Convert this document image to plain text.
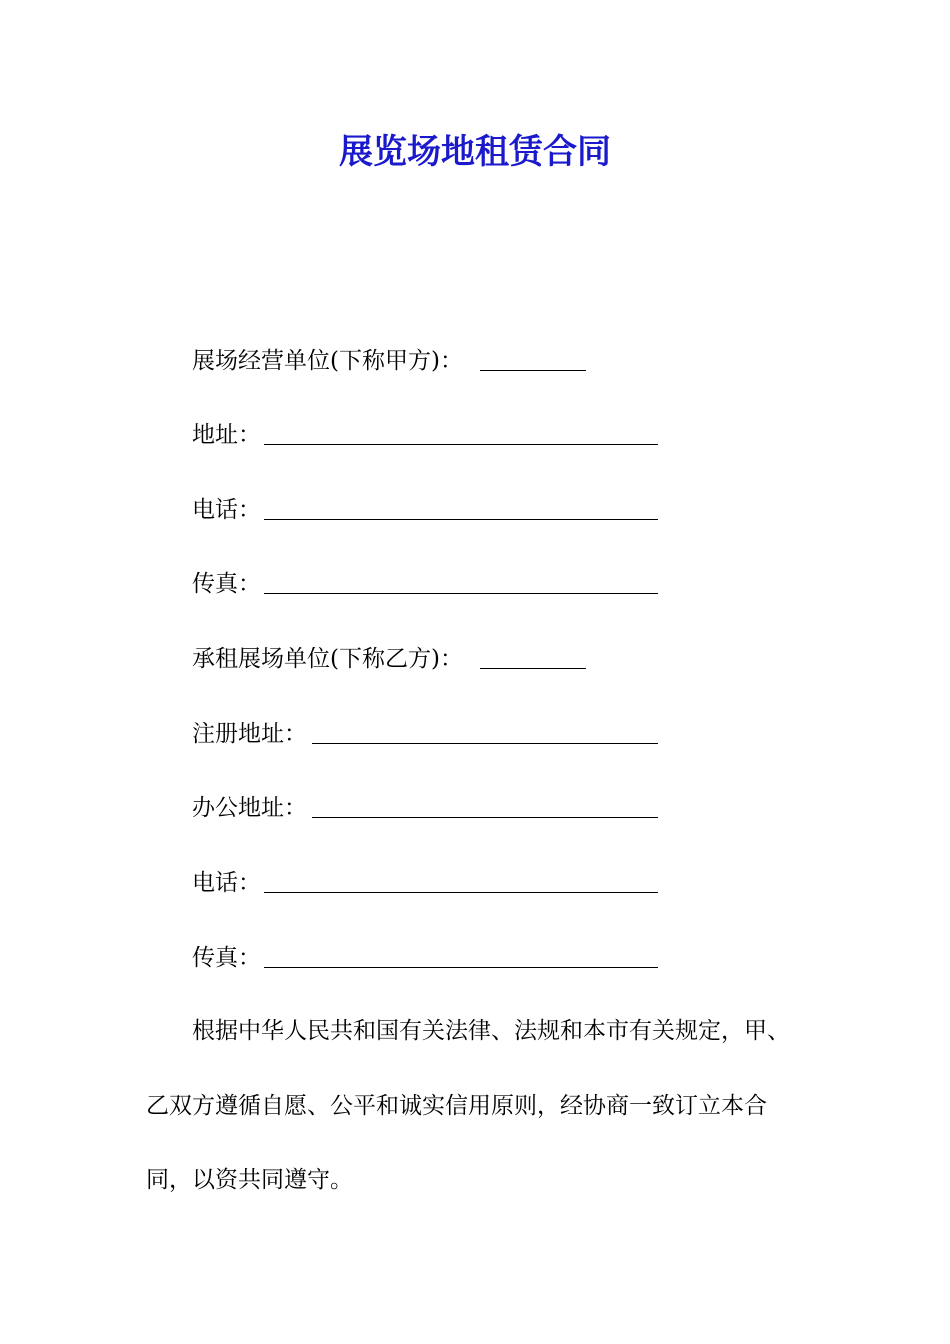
展览场地租赁合同
展场经营单位(下称甲方)：
地址：
电话：
传真：
承租展场单位(下称乙方)：
注册地址：
办公地址：
电话：
传真：
根据中华人民共和国有关法律、法规和本市有关规定，甲、
乙双方遵循自愿、公平和诚实信用原则，经协商一致订立本合
同，以资共同遵守。
